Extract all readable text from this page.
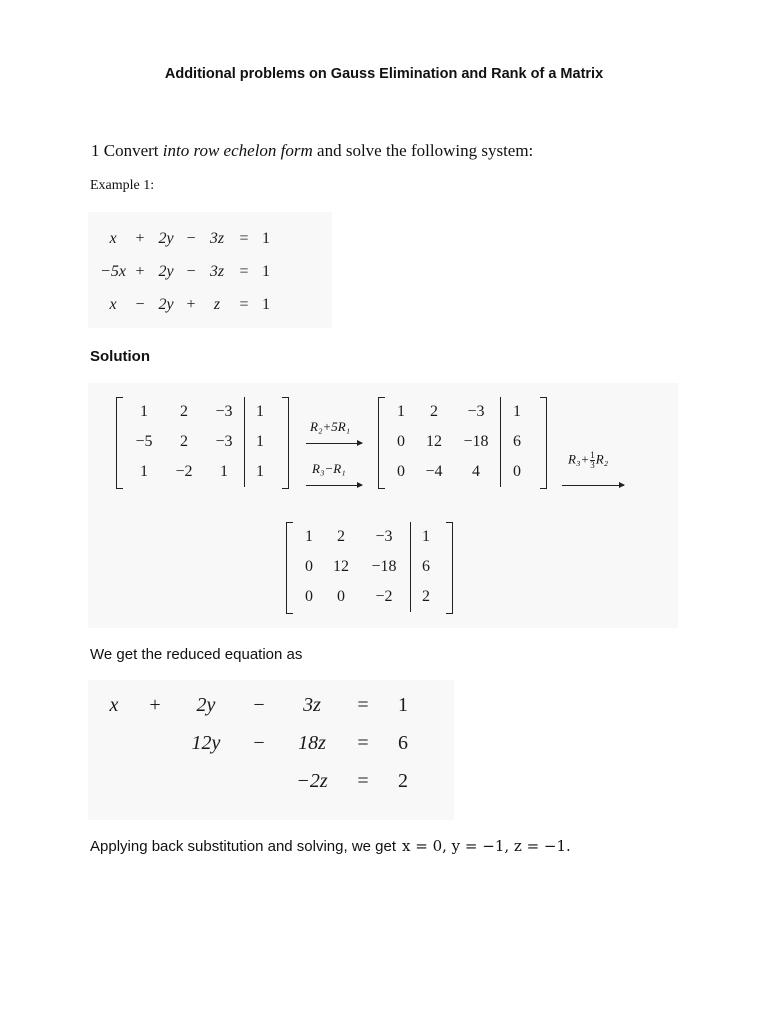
Additional problems on Gauss Elimination and Rank of a Matrix
1 Convert into row echelon form and solve the following system:
Example 1:
x	+	2y	−	3z	=	1
−5x	+	2y	−	3z	=	1
x	−	2y	+	z	=	1
Solution
1	2	−3	1
−5	2	−3	1
1	−2	1	1
R₂+5R₁
R₃−R₁
1	2	−3	1
0	12	−18	6
0	−4	4	0
$R_3+ \frac{1}{3} R_2$
1	2	−3	1
0	12	−18	6
0	0	−2	2
We get the reduced equation as
x	+	2y	−	3z	=	1
		12y	−	18z	=	6
				−2z	=	2
Applying back substitution and solving, we get x = 0, y = −1, z = −1.
